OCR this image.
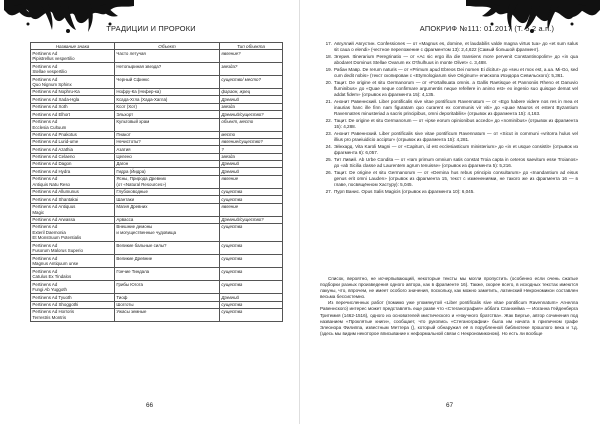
ТРАДИЦИИ И ПРОРОКИ
Название знака	Объект	Тип объекта

Pertinens Ad
Pipistrellus vespertilio	Часто летучая	явление?

Pertinens Ad
Stellae vespertilio	Нетопыриная звезда?	звезда?

Pertinens Ad
Quo Nignum Sphinx	Черный Сфинкс	существо/ место?

Pertinens Ad Nophru-Ka	Нофру-Ка (Нефер-ка)	фараон, жрец

Pertinens Ad Xada-Hgla	Ксада-Хгла (Хада-Хагла)	Древний

Pertinens Ad Xoth	Ксот (Хот)	звезда

Pertinens Ad Elhort	Эльхорт	Древний/существо?

Pertinens Ad
Ecclesia Cultuum	Культовый храм	объект, место

Pertinens Ad Pnakotus	Пнакот	место

Pertinens Ad Lurid-ume	Нечистоты?	явление/существо?

Pertinens Ad Azathia	Азатия	?

Pertinens Ad Celaeno	Целено	звезда

Pertinens Ad Dagon	Дагон	Древний

Pertinens Ad Hydra	Гидра (Йидра)	Древний

Pertinens Ad
Antiquis Natu Reso	Ясны, Природа Древних
(от «Natural Resources»)	явление

Pertinens Ad Allumunus	Глубоководные	существа

Pertinens Ad Shantakai	Шантаки	существа

Pertinens Ad Antiquus
Magic	Магия Древних	явление

Pertinens Ad Arwassa	Арвасса	Древний/существо?

Pertinens Ad
Exteril Daemonia
Et Monstruum Potentialis	Внешние демоны
и могущественные чудовища	существа

Pertinens Ad
Fusorum Malorus Superio	Великие бальные силы?	существа

Pertinens Ad
Magnus Antiquum unse	Великие Древние	существа

Pertinens Ad
Catulus Ex Tindalos	Гончие Тиндала	существа

Pertinens Ad
Fungi Ab Yuggoth	Грибы Югота	существа

Pertinens Ad Tyuoth	Тиоф	Древний

Pertinens Ad Shoggothi	Шогготы	существа

Pertinens Ad Horroris
Terrestris Montris	Ужасы земные	существа
66
АПОКРИФ №111: 01.2017 (Т. 5.2 а.п.)
17. Авгуллий Августин. Confessiones — от «Magnus es, domine, et laudabilis valde magna virtus tua» до «et sum salus sit caua o elendi» (честное переложение с фрагментом 13): 2,4,622 (Самый большой фрагмент).
18. Эгерия. Itinerarium Peregrinatio — от «Ac sic ergo illa die transiens more pervenit Constantinopolim» до «in qua abodaret Dominus Stellae Ovarum ex O'thulhuus in monte Olivet» с. 3,488.
19. Рабан Мавр. De rerum naturis — от «Primum apud Ebreos Dei nomen Ei dicitur» до «seu et mox est, a.ua. Mi-Go, sed cum dedit nobis» (текст скопирован с «Etymologiarum sive Originum» епископа Исидора Севильского): 5,361.
20. Тацит. De origine et situ Germanorum — от «Fortallsuata omnis. a Gallis Raetisque et Pannoniis Rheno et Danuvio fluminibus» до «Quae neque confirmare argumentis neque refellere in animo est» ex ingenio suo quisque demat vel addat fidem» (отрывок из фрагмента 15): 4,135.
21. Анонит Равеннский. Liber pontificalis sive vitae pontificum Ravennatum — от «Ego habere videre nos res in mea et inaurias hanc ille finn nam figuratam quo curarent ex communis vir viti» до «quae Mauros et estent Byzantium Ravennatres minusteriad a sacris principibus, omni deporitabilis» (отрывок из фрагмента 15): 4,163.
22. Тацит. De origine et situ Germanorum — от «ipse eorum opinionibus accedo» до «nominibus» (отрывок из фрагмента 15): 4,288.
23. Анонит Равеннский. Liber pontificalis sive vitae pontificum Ravennatum — от «Sicut in communi «vritorra hulus vel illius pro praeiuidicio acciptur» (отрывок из фрагмента 15): 4,281.
24. Эйнхард. Vita Karoli Magni — от «Capitum, id est ecclesiasticum ministerium» до «in et usque consistit» (отрывок из фрагмента 6): 6,057.
25. Тит Ливий. Ab Urbe Condita — от «Iam primum omnium satis constat Troia capta in ceteros saevitum esse Troianos» до «ab Sicilia classe ad Laurentem agrum tenuisse» (отрывок из фрагмента 5): 5,216.
26. Тацит. De origine et situ Germanorum — от «Demina hus rebus principio consultarum» до «Inandantium ad eisus genus erit omni Lauden» (отрывок из фрагмента 15, текст с изменениями, не такого же из фрагмента 16 — в главе, посвящённом Хастуру): 5,045.
27. Пурп Ванис. Opus Salis Magicis (отрывок из фрагмента 10): 6,045.

Список, вероятно, не исчерпывающий, некоторые тексты мы могли пропустить (особенно если очень сжатые подборки разных произведения одного автора, как в фрагменте 16). Также, скорее всего, в исходных текстах имеются лакуны, что, впрочем, не имеет особого значения, поскольку, как можно заметить, латинский Некрономикон составлен весьма бессистемно.

Из перечисленных работ (помимо уже упомянутой «Liber pontificalis sive vitae pontificum Ravennatum» Агнелла Равеннского) интерес может представлять еще разве что «Стеганография» аббата Спанхейма — Иоганна Гейденберга Тритемия (1462-1516), одного из основателей мистического и «Научного братства». Жак Бергье, автор сочинения под названием «Проклятые книги», сообщает, что рукопись «Стеганографии» была им начата в приличном графе Элеонора Филиппа, известным Меттера (), который обнаружил её в порубленной библиотеке прошлого века и т.д. (здесь мы видим некоторое вписывание к неформальной связи с Некрономиконом). Но есть ли вообще

67
